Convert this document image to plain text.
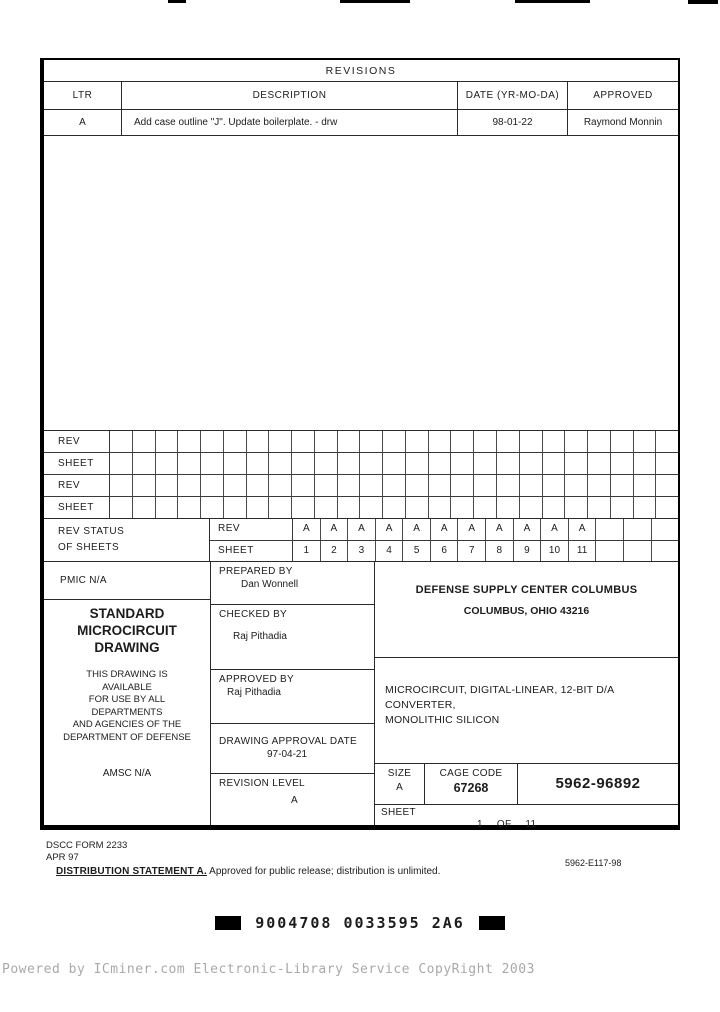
REVISIONS
LTR	DESCRIPTION	DATE (YR-MO-DA)	APPROVED
A	Add case outline "J". Update boilerplate. - drw	98-01-22	Raymond Monnin
REV
SHEET
REV
SHEET
REV STATUS
OF SHEETS
REV	A	A	A	A	A	A	A	A	A	A	A
SHEET	1	2	3	4	5	6	7	8	9	10	11
PMIC N/A
STANDARD
MICROCIRCUIT
DRAWING
THIS DRAWING IS
AVAILABLE
FOR USE BY ALL
DEPARTMENTS
AND AGENCIES OF THE
DEPARTMENT OF DEFENSE
AMSC N/A
PREPARED BY
Dan Wonnell
CHECKED BY
Raj Pithadia
APPROVED BY
Raj Pithadia
DRAWING APPROVAL DATE
97-04-21
REVISION LEVEL
A
DEFENSE SUPPLY CENTER COLUMBUS
COLUMBUS, OHIO 43216
MICROCIRCUIT, DIGITAL-LINEAR, 12-BIT D/A CONVERTER,
MONOLITHIC SILICON
SIZE
A
CAGE CODE
67268	5962-96892
SHEET
1 OF 11
DSCC FORM 2233
APR 97	5962-E117-98
DISTRIBUTION STATEMENT A. Approved for public release; distribution is unlimited.
9004708 0033595 2A6
Powered by ICminer.com Electronic-Library Service CopyRight 2003
